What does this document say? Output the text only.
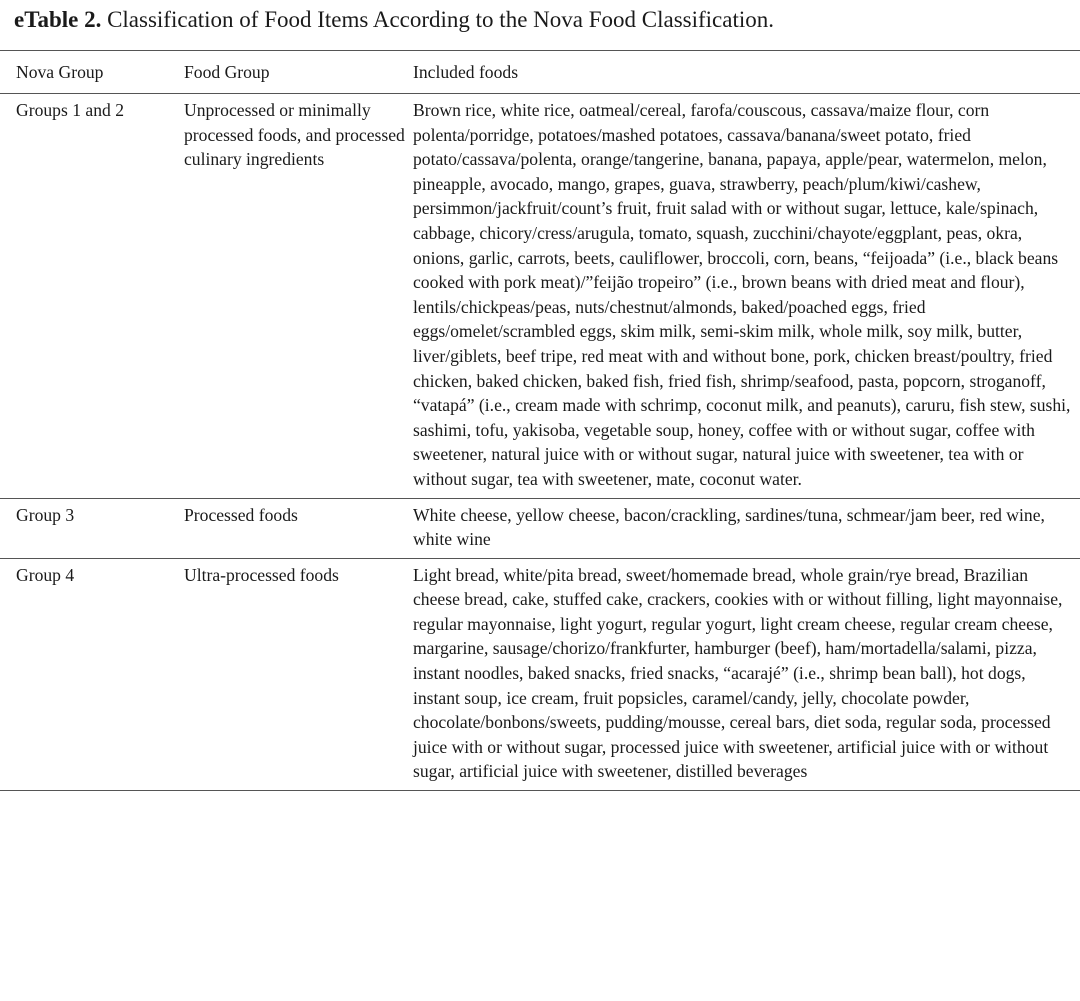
eTable 2. Classification of Food Items According to the Nova Food Classification.
Nova Group	Food Group	Included foods
Groups 1 and 2	Unprocessed or minimally processed foods, and processed culinary ingredients	Brown rice, white rice, oatmeal/cereal, farofa/couscous, cassava/maize flour, corn polenta/porridge, potatoes/mashed potatoes, cassava/banana/sweet potato, fried potato/cassava/polenta, orange/tangerine, banana, papaya, apple/pear, watermelon, melon, pineapple, avocado, mango, grapes, guava, strawberry, peach/plum/kiwi/cashew, persimmon/jackfruit/count’s fruit, fruit salad with or without sugar, lettuce, kale/spinach, cabbage, chicory/cress/arugula, tomato, squash, zucchini/chayote/eggplant, peas, okra, onions, garlic, carrots, beets, cauliflower, broccoli, corn, beans, “feijoada” (i.e., black beans cooked with pork meat)/”feijão tropeiro” (i.e., brown beans with dried meat and flour), lentils/chickpeas/peas, nuts/chestnut/almonds, baked/poached eggs, fried eggs/omelet/scrambled eggs, skim milk, semi-skim milk, whole milk, soy milk, butter, liver/giblets, beef tripe, red meat with and without bone, pork, chicken breast/poultry, fried chicken, baked chicken, baked fish, fried fish, shrimp/seafood, pasta, popcorn, stroganoff, “vatapá” (i.e., cream made with schrimp, coconut milk, and peanuts), caruru, fish stew, sushi, sashimi, tofu, yakisoba, vegetable soup, honey, coffee with or without sugar, coffee with sweetener, natural juice with or without sugar, natural juice with sweetener, tea with or without sugar, tea with sweetener, mate, coconut water.
Group 3	Processed foods	White cheese, yellow cheese, bacon/crackling, sardines/tuna, schmear/jam beer, red wine, white wine
Group 4	Ultra-processed foods	Light bread, white/pita bread, sweet/homemade bread, whole grain/rye bread, Brazilian cheese bread, cake, stuffed cake, crackers, cookies with or without filling, light mayonnaise, regular mayonnaise, light yogurt, regular yogurt, light cream cheese, regular cream cheese, margarine, sausage/chorizo/frankfurter, hamburger (beef), ham/mortadella/salami, pizza, instant noodles, baked snacks, fried snacks, “acarajé” (i.e., shrimp bean ball), hot dogs, instant soup, ice cream, fruit popsicles, caramel/candy, jelly, chocolate powder, chocolate/bonbons/sweets, pudding/mousse, cereal bars, diet soda, regular soda, processed juice with or without sugar, processed juice with sweetener, artificial juice with or without sugar, artificial juice with sweetener, distilled beverages
